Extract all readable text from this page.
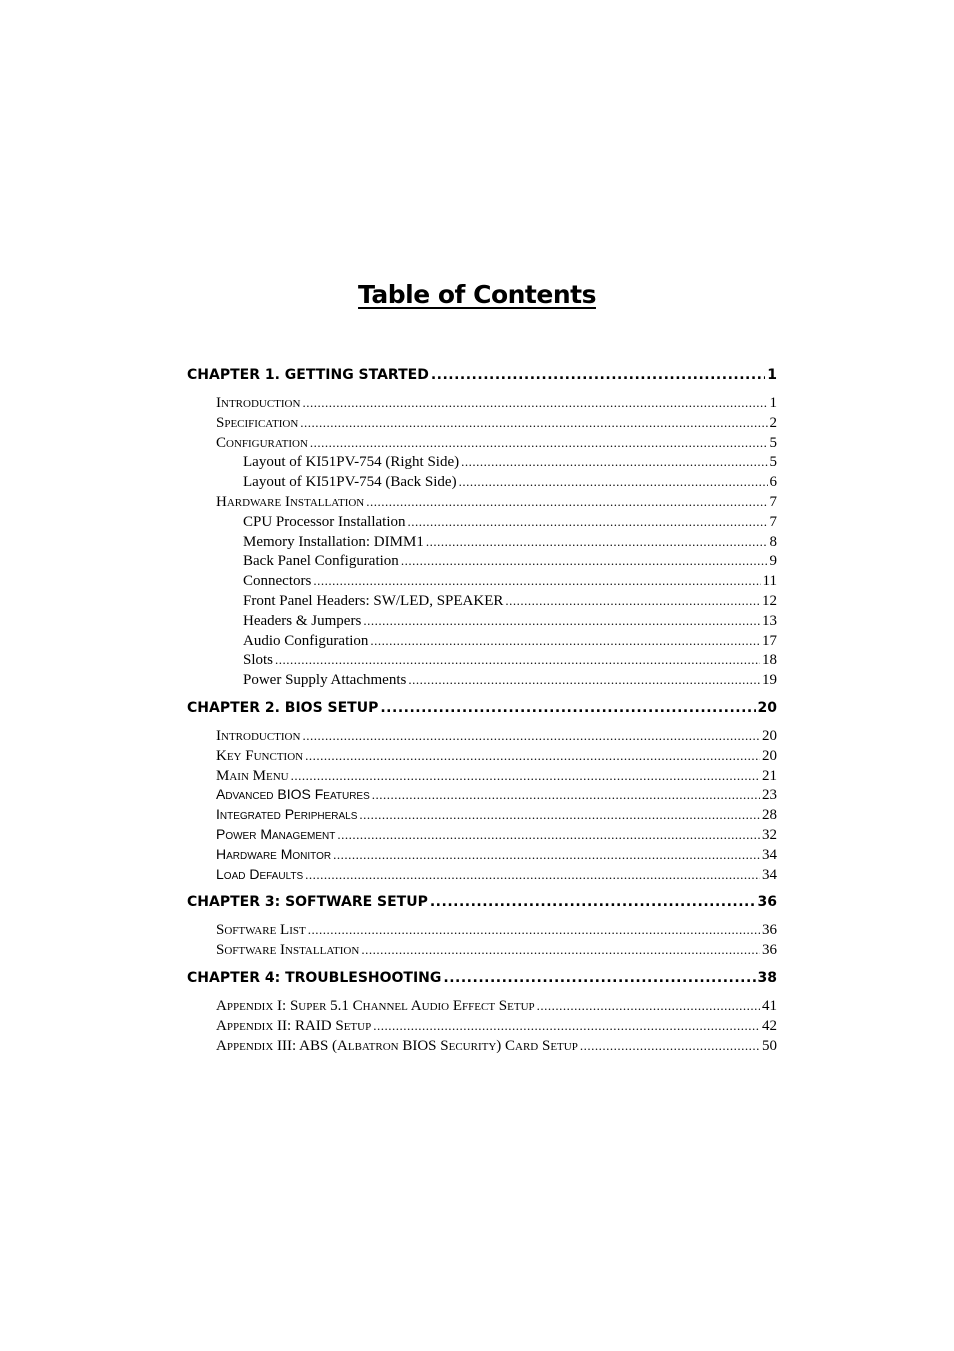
Table of Contents
CHAPTER 1. GETTING STARTED .....	1
Introduction .....	1
Specification .....	2
Configuration .....	5
Layout of KI51PV-754 (Right Side) .....	5
Layout of KI51PV-754 (Back Side) .....	6
Hardware Installation .....	7
CPU Processor Installation .....	7
Memory Installation: DIMM1 .....	8
Back Panel Configuration .....	9
Connectors .....	11
Front Panel Headers: SW/LED, SPEAKER .....	12
Headers & Jumpers .....	13
Audio Configuration .....	17
Slots .....	18
Power Supply Attachments .....	19
CHAPTER 2. BIOS SETUP .....	20
Introduction .....	20
Key Function .....	20
Main Menu .....	21
Advanced BIOS Features .....	23
Integrated Peripherals .....	28
Power Management .....	32
Hardware Monitor .....	34
Load Defaults .....	34
CHAPTER 3: SOFTWARE SETUP .....	36
Software List .....	36
Software Installation .....	36
CHAPTER 4: TROUBLESHOOTING .....	38
Appendix I: Super 5.1 Channel Audio Effect Setup .....	41
Appendix II: RAID Setup .....	42
Appendix III: ABS (Albatron BIOS Security) Card Setup .....	50
